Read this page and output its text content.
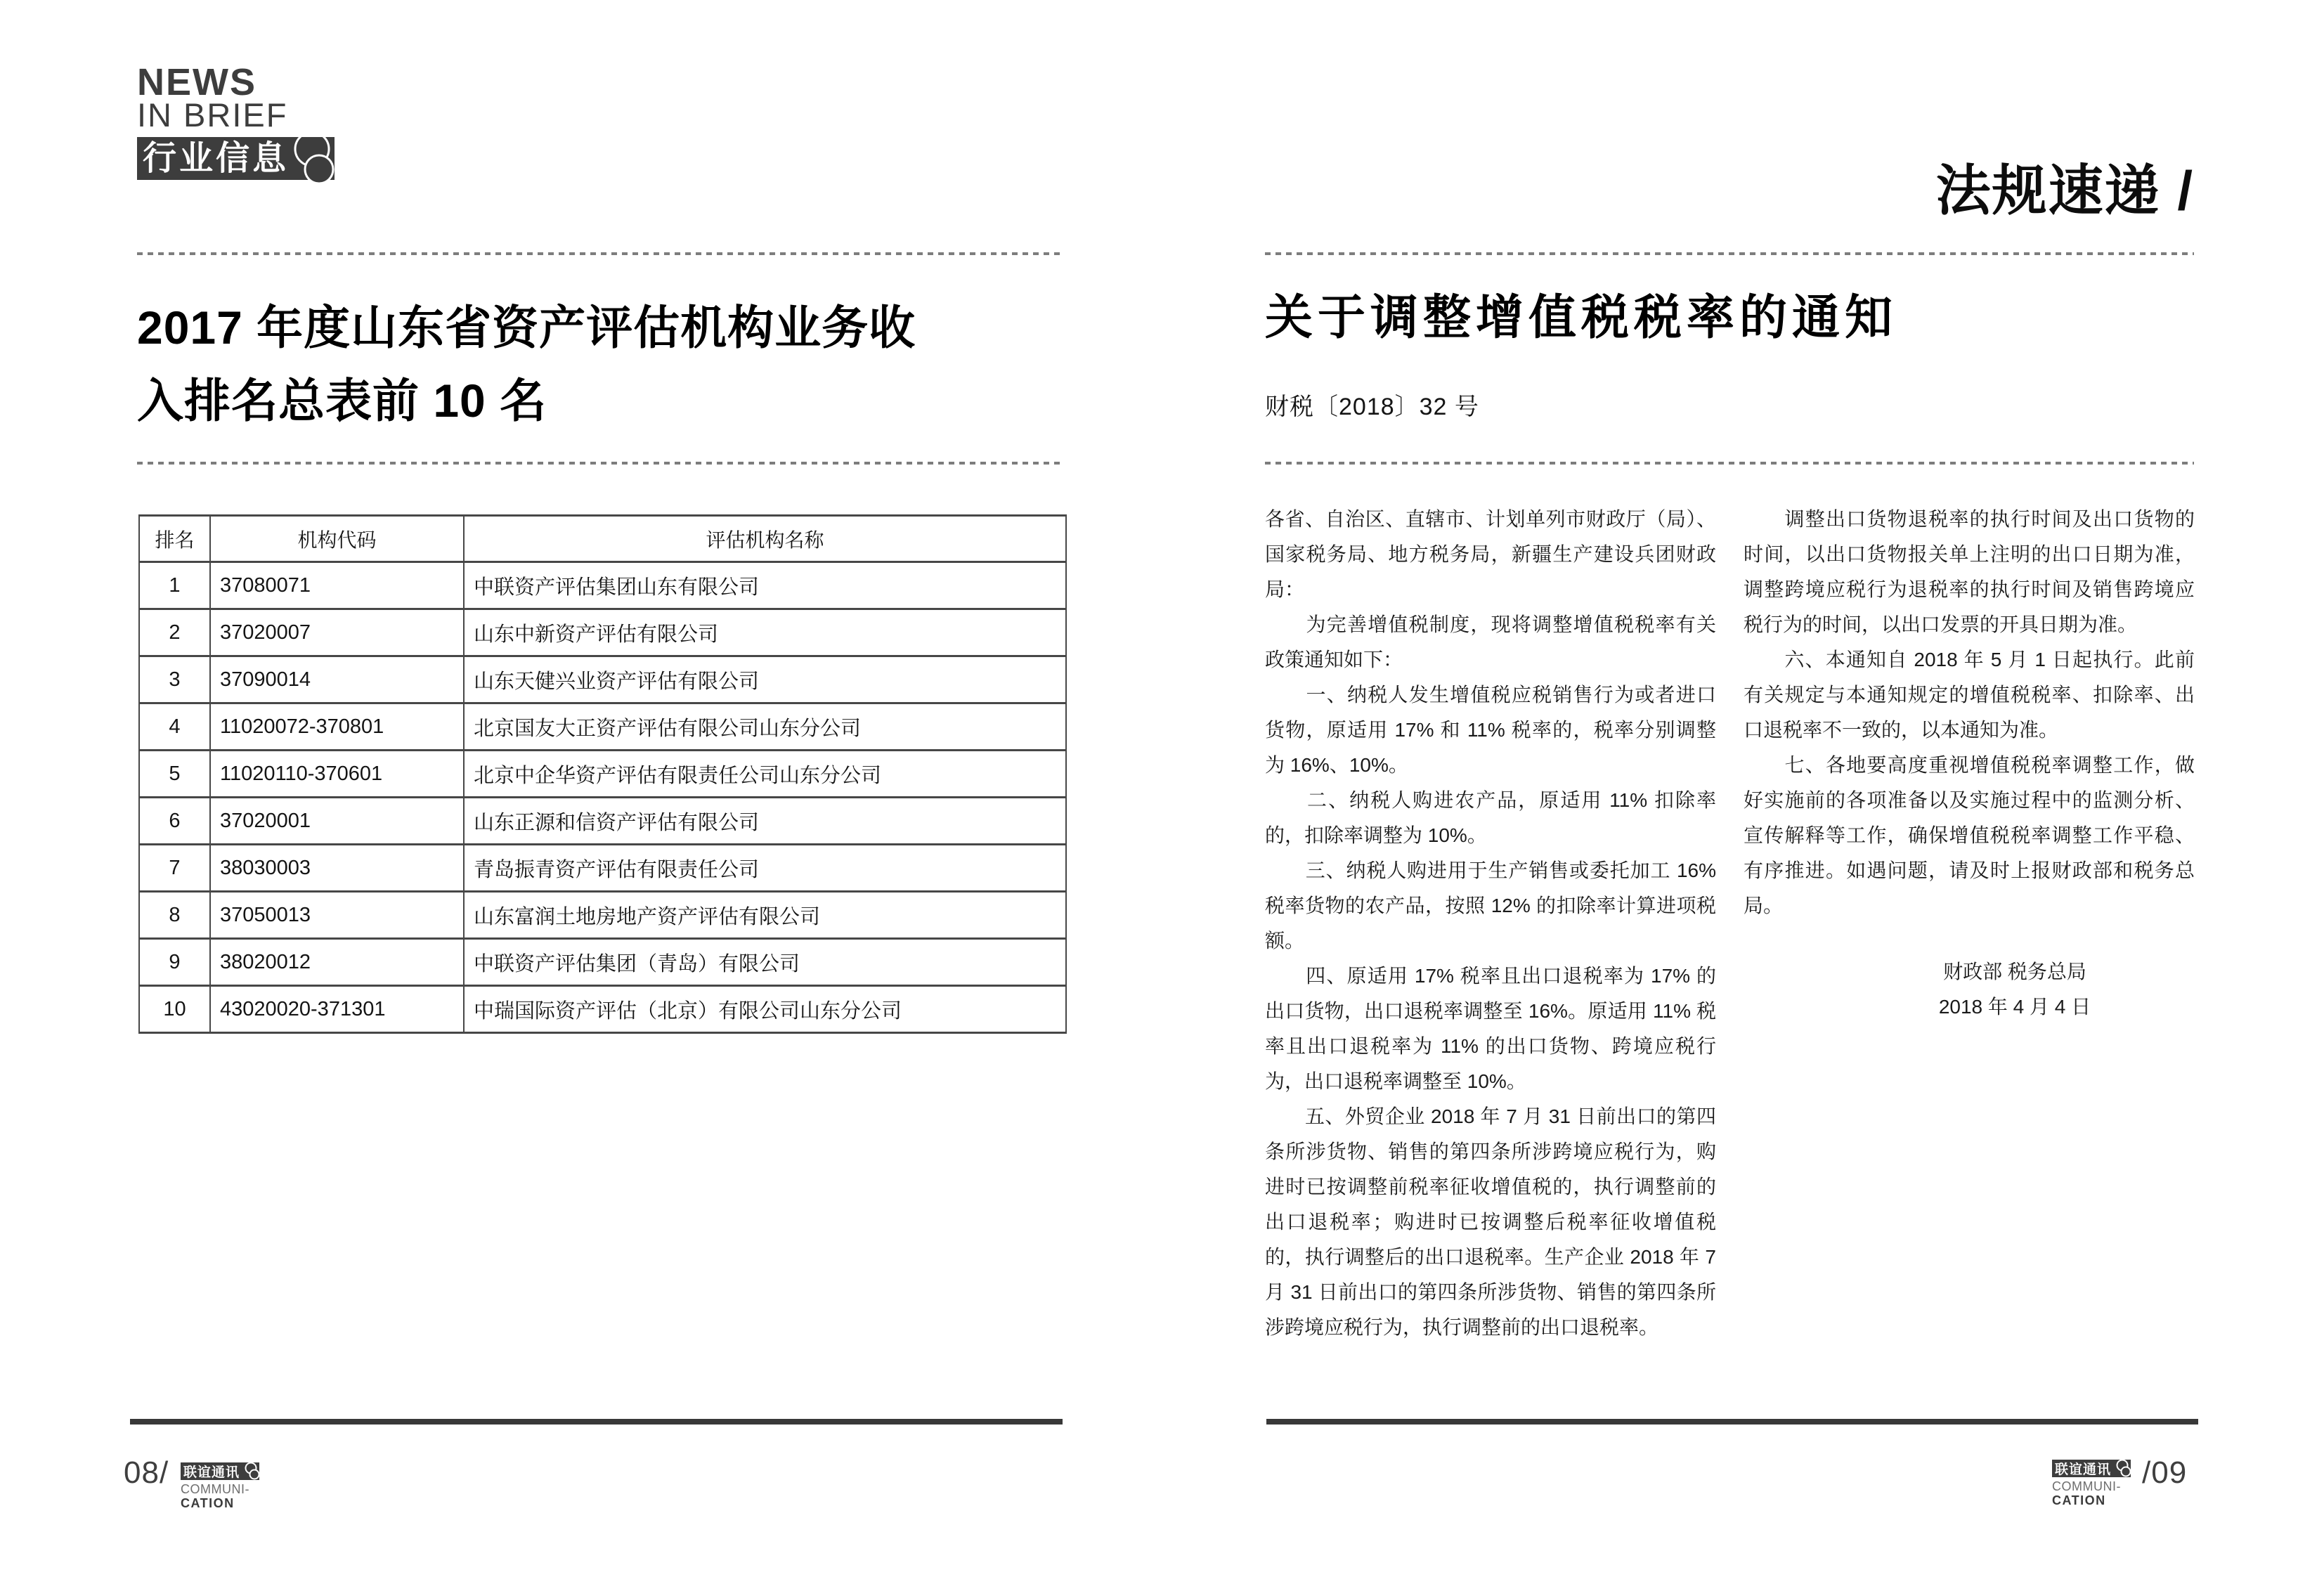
NEWS
IN BRIEF
行业信息
法规速递 /
2017 年度山东省资产评估机构业务收
入排名总表前 10 名
排名	机构代码	评估机构名称
1	37080071	中联资产评估集团山东有限公司
2	37020007	山东中新资产评估有限公司
3	37090014	山东天健兴业资产评估有限公司
4	11020072-370801	北京国友大正资产评估有限公司山东分公司
5	11020110-370601	北京中企华资产评估有限责任公司山东分公司
6	37020001	山东正源和信资产评估有限公司
7	38030003	青岛振青资产评估有限责任公司
8	37050013	山东富润土地房地产资产评估有限公司
9	38020012	中联资产评估集团（青岛）有限公司
10	43020020-371301	中瑞国际资产评估（北京）有限公司山东分公司
关于调整增值税税率的通知
财税〔2018〕32 号

各省、自治区、直辖市、计划单列市财政厅（局）、国家税务局、地方税务局，新疆生产建设兵团财政局：

　　为完善增值税制度，现将调整增值税税率有关政策通知如下：

　　一、纳税人发生增值税应税销售行为或者进口货物，原适用 17% 和 11% 税率的，税率分别调整为 16%、10%。

　　二、纳税人购进农产品，原适用 11% 扣除率的，扣除率调整为 10%。

　　三、纳税人购进用于生产销售或委托加工 16% 税率货物的农产品，按照 12% 的扣除率计算进项税额。

　　四、原适用 17% 税率且出口退税率为 17% 的出口货物，出口退税率调整至 16%。原适用 11% 税率且出口退税率为 11% 的出口货物、跨境应税行为，出口退税率调整至 10%。

　　五、外贸企业 2018 年 7 月 31 日前出口的第四条所涉货物、销售的第四条所涉跨境应税行为，购进时已按调整前税率征收增值税的，执行调整前的出口退税率；购进时已按调整后税率征收增值税的，执行调整后的出口退税率。生产企业 2018 年 7 月 31 日前出口的第四条所涉货物、销售的第四条所涉跨境应税行为，执行调整前的出口退税率。

　　调整出口货物退税率的执行时间及出口货物的时间，以出口货物报关单上注明的出口日期为准，调整跨境应税行为退税率的执行时间及销售跨境应税行为的时间，以出口发票的开具日期为准。

　　六、本通知自 2018 年 5 月 1 日起执行。此前有关规定与本通知规定的增值税税率、扣除率、出口退税率不一致的，以本通知为准。

　　七、各地要高度重视增值税税率调整工作，做好实施前的各项准备以及实施过程中的监测分析、宣传解释等工作，确保增值税税率调整工作平稳、有序推进。如遇问题，请及时上报财政部和税务总局。

财政部 税务总局
2018 年 4 月 4 日
08/ 联谊通讯
COMMUNI-
CATION
联谊通讯
COMMUNI-
CATION
/09
